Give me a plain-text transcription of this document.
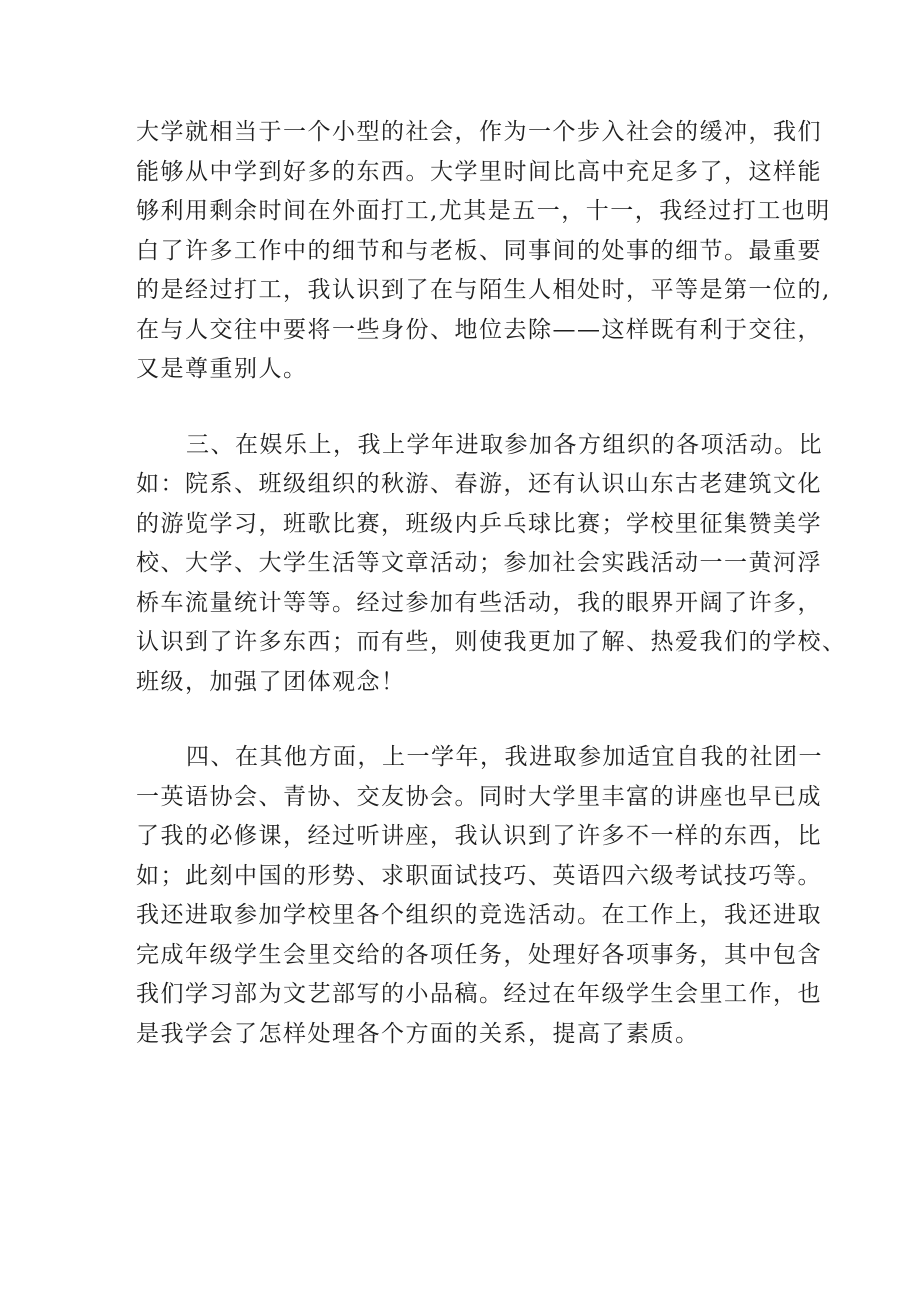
大学就相当于一个小型的社会，作为一个步入社会的缓冲，我们
能够从中学到好多的东西。大学里时间比高中充足多了，这样能
够利用剩余时间在外面打工,尤其是五一，十一，我经过打工也明
白了许多工作中的细节和与老板、同事间的处事的细节。最重要
的是经过打工，我认识到了在与陌生人相处时，平等是第一位的,
在与人交往中要将一些身份、地位去除——这样既有利于交往，
又是尊重别人。
三、在娱乐上，我上学年进取参加各方组织的各项活动。比
如：院系、班级组织的秋游、春游，还有认识山东古老建筑文化
的游览学习，班歌比赛，班级内乒乓球比赛；学校里征集赞美学
校、大学、大学生活等文章活动；参加社会实践活动一一黄河浮
桥车流量统计等等。经过参加有些活动，我的眼界开阔了许多，
认识到了许多东西；而有些，则使我更加了解、热爱我们的学校、
班级，加强了团体观念！
四、在其他方面，上一学年，我进取参加适宜自我的社团一
一英语协会、青协、交友协会。同时大学里丰富的讲座也早已成
了我的必修课，经过听讲座，我认识到了许多不一样的东西，比
如；此刻中国的形势、求职面试技巧、英语四六级考试技巧等。
我还进取参加学校里各个组织的竞选活动。在工作上，我还进取
完成年级学生会里交给的各项任务，处理好各项事务，其中包含
我们学习部为文艺部写的小品稿。经过在年级学生会里工作，也
是我学会了怎样处理各个方面的关系，提高了素质。
